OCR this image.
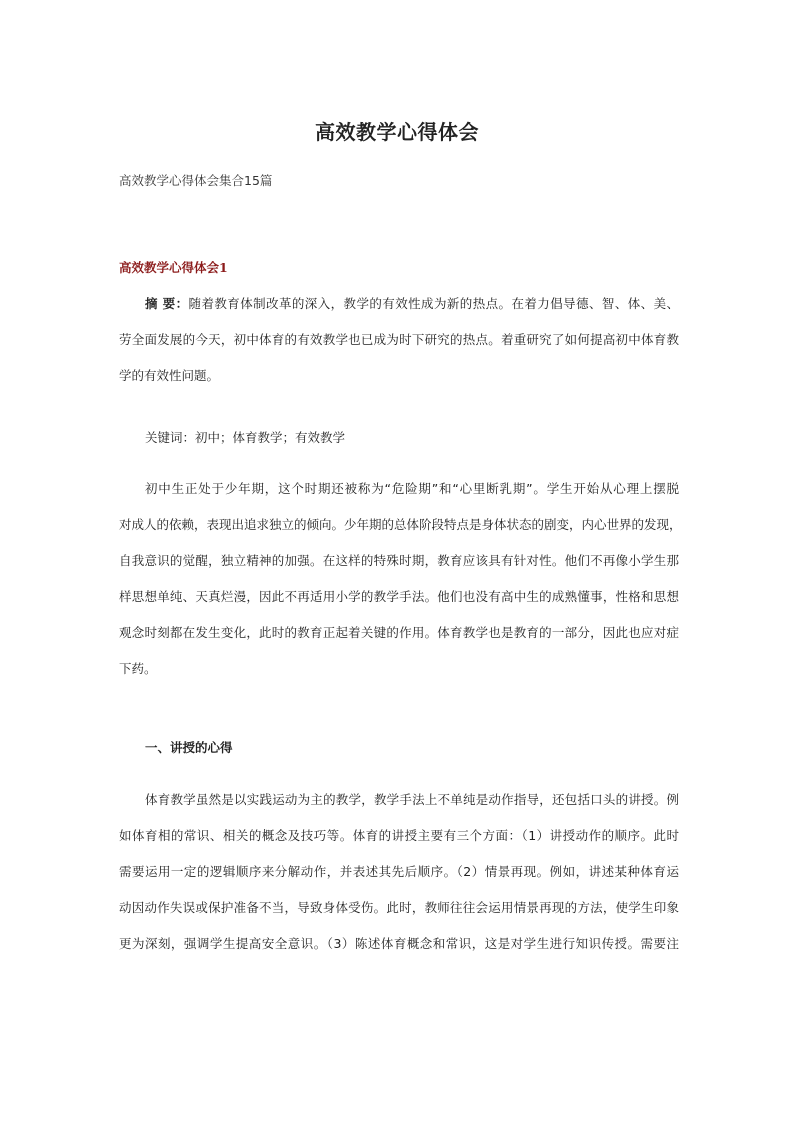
高效教学心得体会
高效教学心得体会集合15篇
高效教学心得体会1
摘 要：随着教育体制改革的深入，教学的有效性成为新的热点。在着力倡导德、智、体、美、
劳全面发展的今天，初中体育的有效教学也已成为时下研究的热点。着重研究了如何提高初中体育教
学的有效性问题。
关键词：初中；体育教学；有效教学
初中生正处于少年期，这个时期还被称为“危险期”和“心里断乳期”。学生开始从心理上摆脱
对成人的依赖，表现出追求独立的倾向。少年期的总体阶段特点是身体状态的剧变，内心世界的发现，
自我意识的觉醒，独立精神的加强。在这样的特殊时期，教育应该具有针对性。他们不再像小学生那
样思想单纯、天真烂漫，因此不再适用小学的教学手法。他们也没有高中生的成熟懂事，性格和思想
观念时刻都在发生变化，此时的教育正起着关键的作用。体育教学也是教育的一部分，因此也应对症
下药。
一、讲授的心得
体育教学虽然是以实践运动为主的教学，教学手法上不单纯是动作指导，还包括口头的讲授。例
如体育相的常识、相关的概念及技巧等。体育的讲授主要有三个方面：（1）讲授动作的顺序。此时
需要运用一定的逻辑顺序来分解动作，并表述其先后顺序。（2）情景再现。例如，讲述某种体育运
动因动作失误或保护准备不当，导致身体受伤。此时，教师往往会运用情景再现的方法，使学生印象
更为深刻，强调学生提高安全意识。（3）陈述体育概念和常识，这是对学生进行知识传授。需要注
